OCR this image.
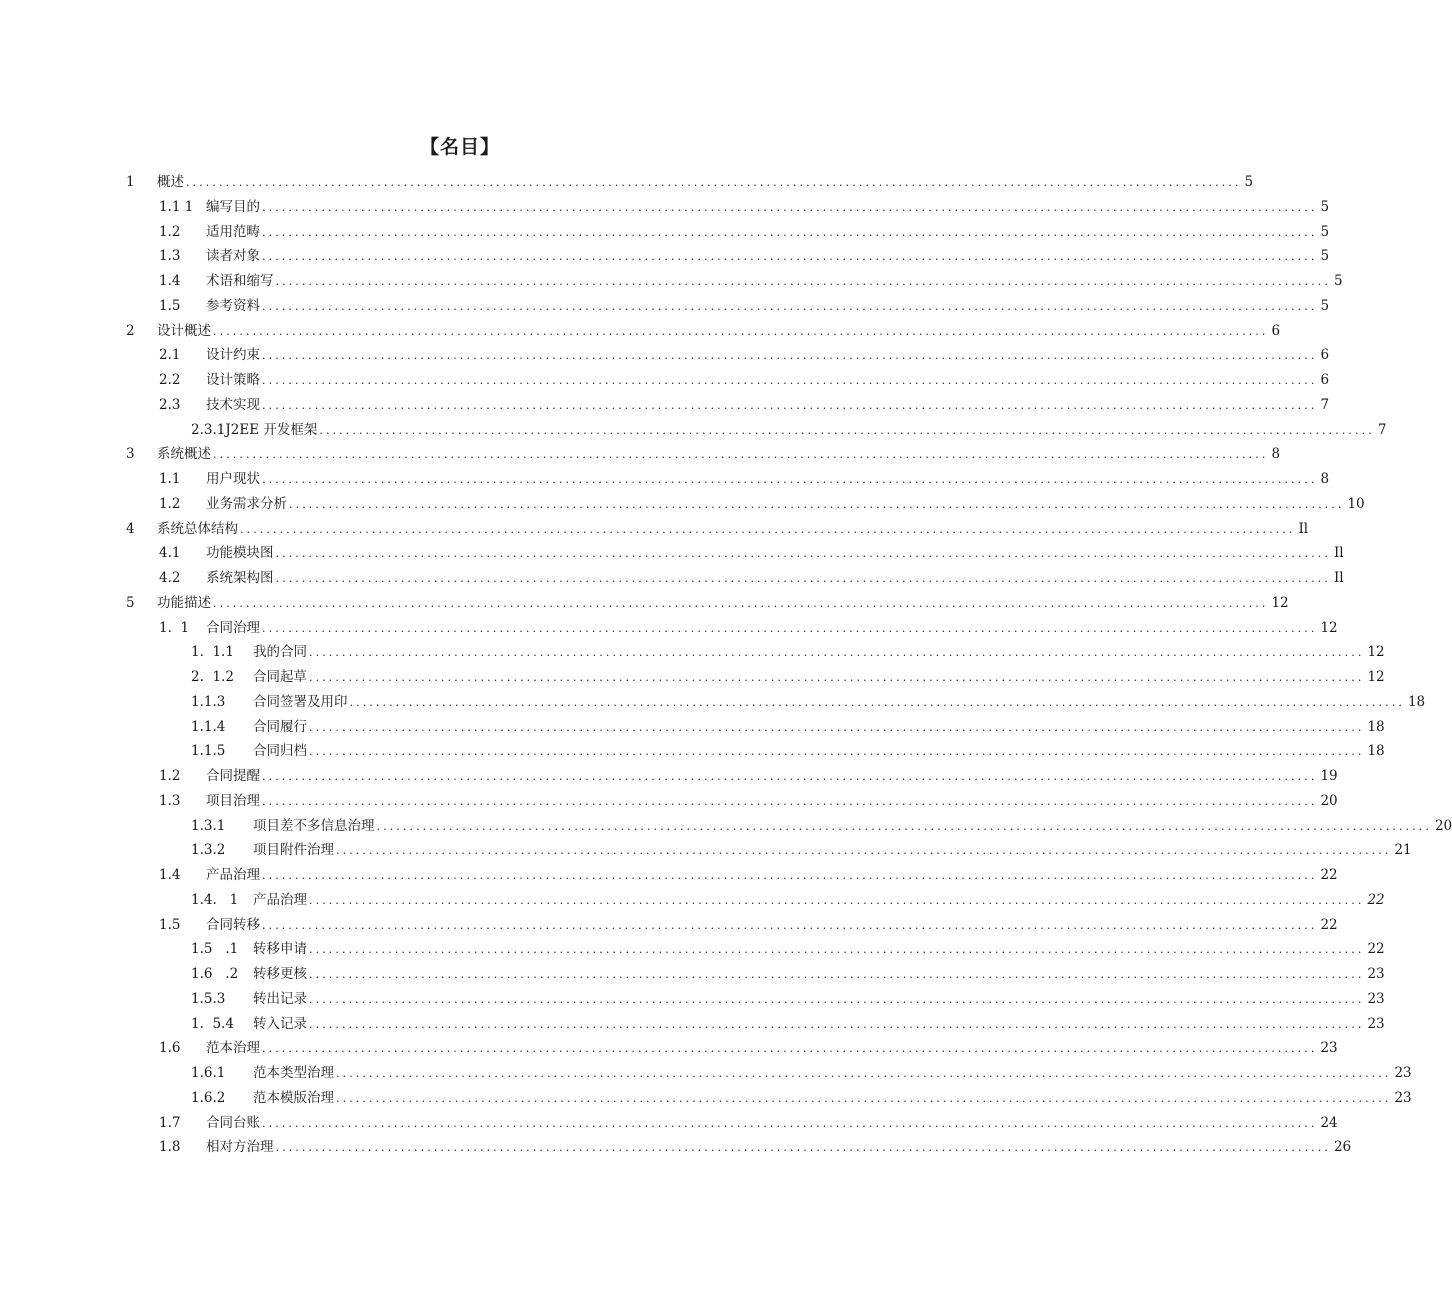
【名目】
1 概述 ................................................................................................................................................................ 5
1.1 1 编写目的 ................................................................................................................................................................ 5
1.2 适用范畴 ................................................................................................................................................................ 5
1.3 读者对象 ................................................................................................................................................................ 5
1.4 术语和缩写 ................................................................................................................................................................ 5
1.5 参考资料 ................................................................................................................................................................ 5
2 设计概述 ................................................................................................................................................................ 6
2.1 设计约束 ................................................................................................................................................................ 6
2.2 设计策略 ................................................................................................................................................................ 6
2.3 技术实现 ................................................................................................................................................................ 7
2.3.1J2EE 开发框架 ................................................................................................................................................................ 7
3 系统概述 ................................................................................................................................................................ 8
1.1 用户现状 ................................................................................................................................................................ 8
1.2 业务需求分析 ................................................................................................................................................................ 10
4 系统总体结构 ................................................................................................................................................................ Il
4.1 功能模块图 ................................................................................................................................................................ Il
4.2 系统架构图 ................................................................................................................................................................ Il
5 功能描述 ................................................................................................................................................................ 12
1.  1 合同治理 ................................................................................................................................................................ 12
1.  1.1 我的合同 ................................................................................................................................................................ 12
2.  1.2 合同起草 ................................................................................................................................................................ 12
1.1.3 合同签署及用印 ................................................................................................................................................................ 18
1.1.4 合同履行 ................................................................................................................................................................ 18
1.1.5 合同归档 ................................................................................................................................................................ 18
1.2 合同提醒 ................................................................................................................................................................ 19
1.3 项目治理 ................................................................................................................................................................ 20
1.3.1 项目差不多信息治理 ................................................................................................................................................................ 20
1.3.2 项目附件治理 ................................................................................................................................................................ 21
1.4 产品治理 ................................................................................................................................................................ 22
1.4.   1 产品治理 ................................................................................................................................................................ 22
1.5 合同转移 ................................................................................................................................................................ 22
1.5   .1 转移申请 ................................................................................................................................................................ 22
1.6   .2 转移更核 ................................................................................................................................................................ 23
1.5.3 转出记录 ................................................................................................................................................................ 23
1.  5.4 转入记录 ................................................................................................................................................................ 23
1.6 范本治理 ................................................................................................................................................................ 23
1.6.1 范本类型治理 ................................................................................................................................................................ 23
1.6.2 范本模版治理 ................................................................................................................................................................ 23
1.7 合同台账 ................................................................................................................................................................ 24
1.8 相对方治理 ................................................................................................................................................................ 26
